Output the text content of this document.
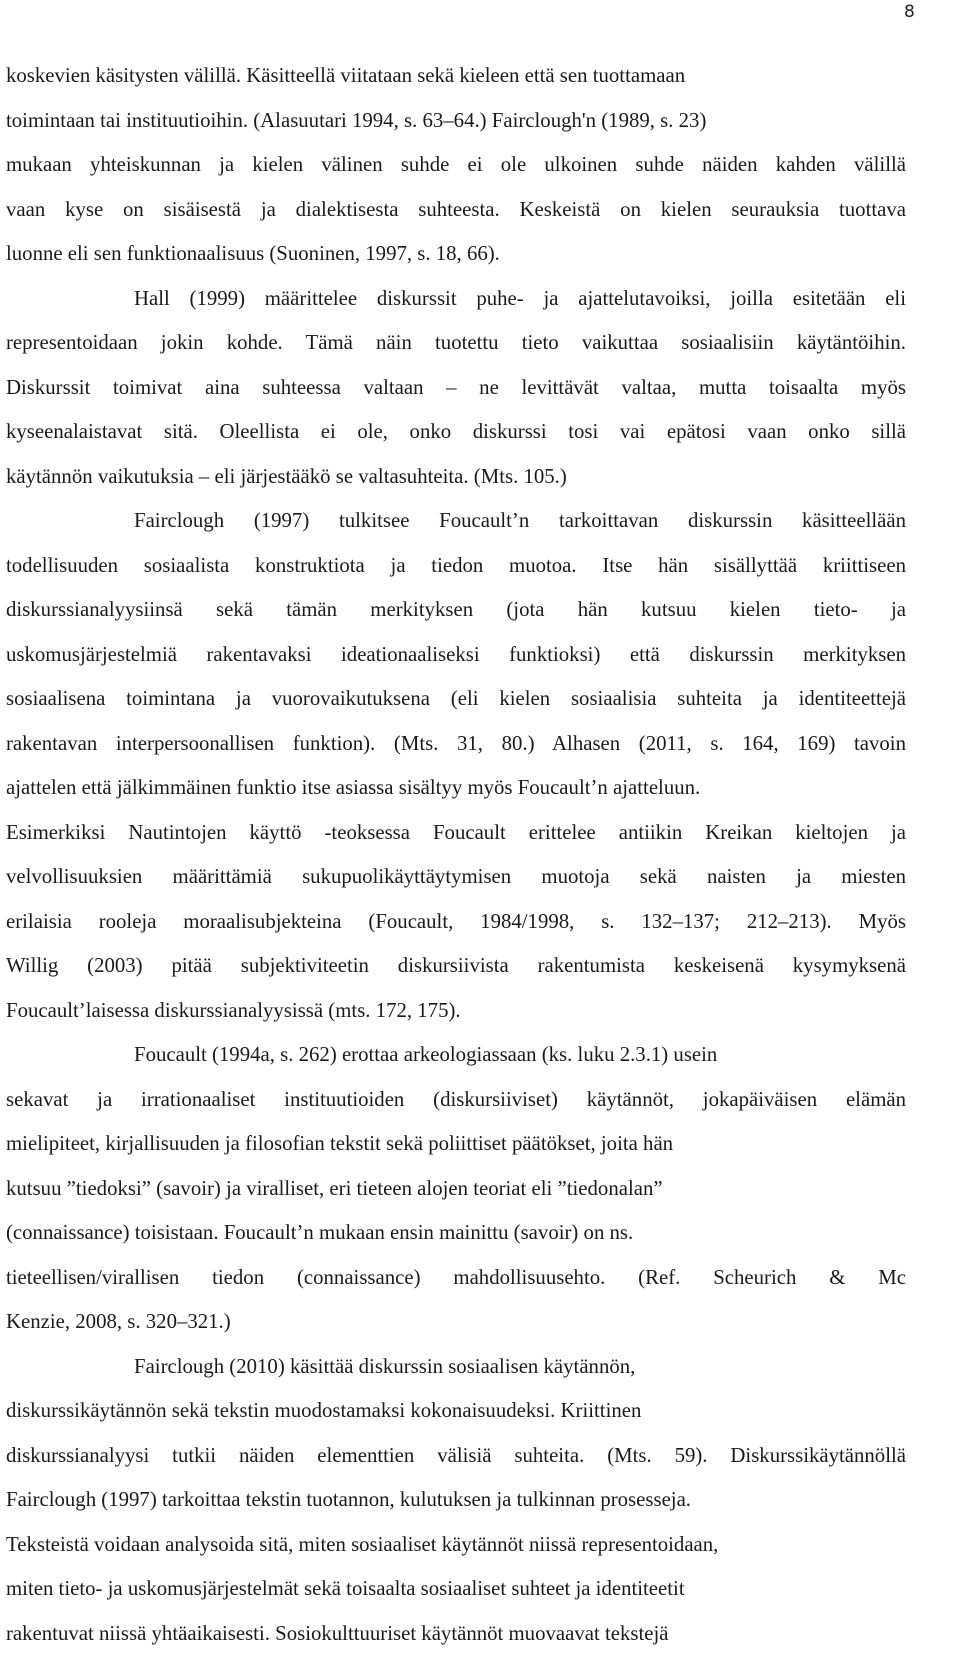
8
koskevien käsitysten välillä. Käsitteellä viitataan sekä kieleen että sen tuottamaan
toimintaan tai instituutioihin. (Alasuutari 1994, s. 63–64.) Fairclough'n (1989, s. 23)
mukaan yhteiskunnan ja kielen välinen suhde ei ole ulkoinen suhde näiden kahden välillä
vaan kyse on sisäisestä ja dialektisesta suhteesta. Keskeistä on kielen seurauksia tuottava
luonne eli sen funktionaalisuus (Suoninen, 1997, s. 18, 66).
Hall (1999) määrittelee diskurssit puhe- ja ajattelutavoiksi, joilla esitetään eli
representoidaan jokin kohde. Tämä näin tuotettu tieto vaikuttaa sosiaalisiin käytäntöihin.
Diskurssit toimivat aina suhteessa valtaan – ne levittävät valtaa, mutta toisaalta myös
kyseenalaistavat sitä. Oleellista ei ole, onko diskurssi tosi vai epätosi vaan onko sillä
käytännön vaikutuksia – eli järjestääkö se valtasuhteita. (Mts. 105.)
Fairclough (1997) tulkitsee Foucault’n tarkoittavan diskurssin käsitteellään
todellisuuden sosiaalista konstruktiota ja tiedon muotoa. Itse hän sisällyttää kriittiseen
diskurssianalyysiinsä sekä tämän merkityksen (jota hän kutsuu kielen tieto- ja
uskomusjärjestelmiä rakentavaksi ideationaaliseksi funktioksi) että diskurssin merkityksen
sosiaalisena toimintana ja vuorovaikutuksena (eli kielen sosiaalisia suhteita ja identiteettejä
rakentavan interpersoonallisen funktion). (Mts. 31, 80.) Alhasen (2011, s. 164, 169) tavoin
ajattelen että jälkimmäinen funktio itse asiassa sisältyy myös Foucault’n ajatteluun.
Esimerkiksi Nautintojen käyttö -teoksessa Foucault erittelee antiikin Kreikan kieltojen ja
velvollisuuksien määrittämiä sukupuolikäyttäytymisen muotoja sekä naisten ja miesten
erilaisia rooleja moraalisubjekteina (Foucault, 1984/1998, s. 132–137; 212–213). Myös
Willig (2003) pitää subjektiviteetin diskursiivista rakentumista keskeisenä kysymyksenä
Foucault’laisessa diskurssianalyysissä (mts. 172, 175).
Foucault (1994a, s. 262) erottaa arkeologiassaan (ks. luku 2.3.1) usein
sekavat ja irrationaaliset instituutioiden (diskursiiviset) käytännöt, jokapäiväisen elämän
mielipiteet, kirjallisuuden ja filosofian tekstit sekä poliittiset päätökset, joita hän
kutsuu ”tiedoksi” (savoir) ja viralliset, eri tieteen alojen teoriat eli ”tiedonalan”
(connaissance) toisistaan. Foucault’n mukaan ensin mainittu (savoir) on ns.
tieteellisen/virallisen tiedon (connaissance) mahdollisuusehto. (Ref. Scheurich & Mc
Kenzie, 2008, s. 320–321.)
Fairclough (2010) käsittää diskurssin sosiaalisen käytännön,
diskurssikäytännön sekä tekstin muodostamaksi kokonaisuudeksi. Kriittinen
diskurssianalyysi tutkii näiden elementtien välisiä suhteita. (Mts. 59). Diskurssikäytännöllä
Fairclough (1997) tarkoittaa tekstin tuotannon, kulutuksen ja tulkinnan prosesseja.
Teksteistä voidaan analysoida sitä, miten sosiaaliset käytännöt niissä representoidaan,
miten tieto- ja uskomusjärjestelmät sekä toisaalta sosiaaliset suhteet ja identiteetit
rakentuvat niissä yhtäaikaisesti. Sosiokulttuuriset käytännöt muovaavat tekstejä
